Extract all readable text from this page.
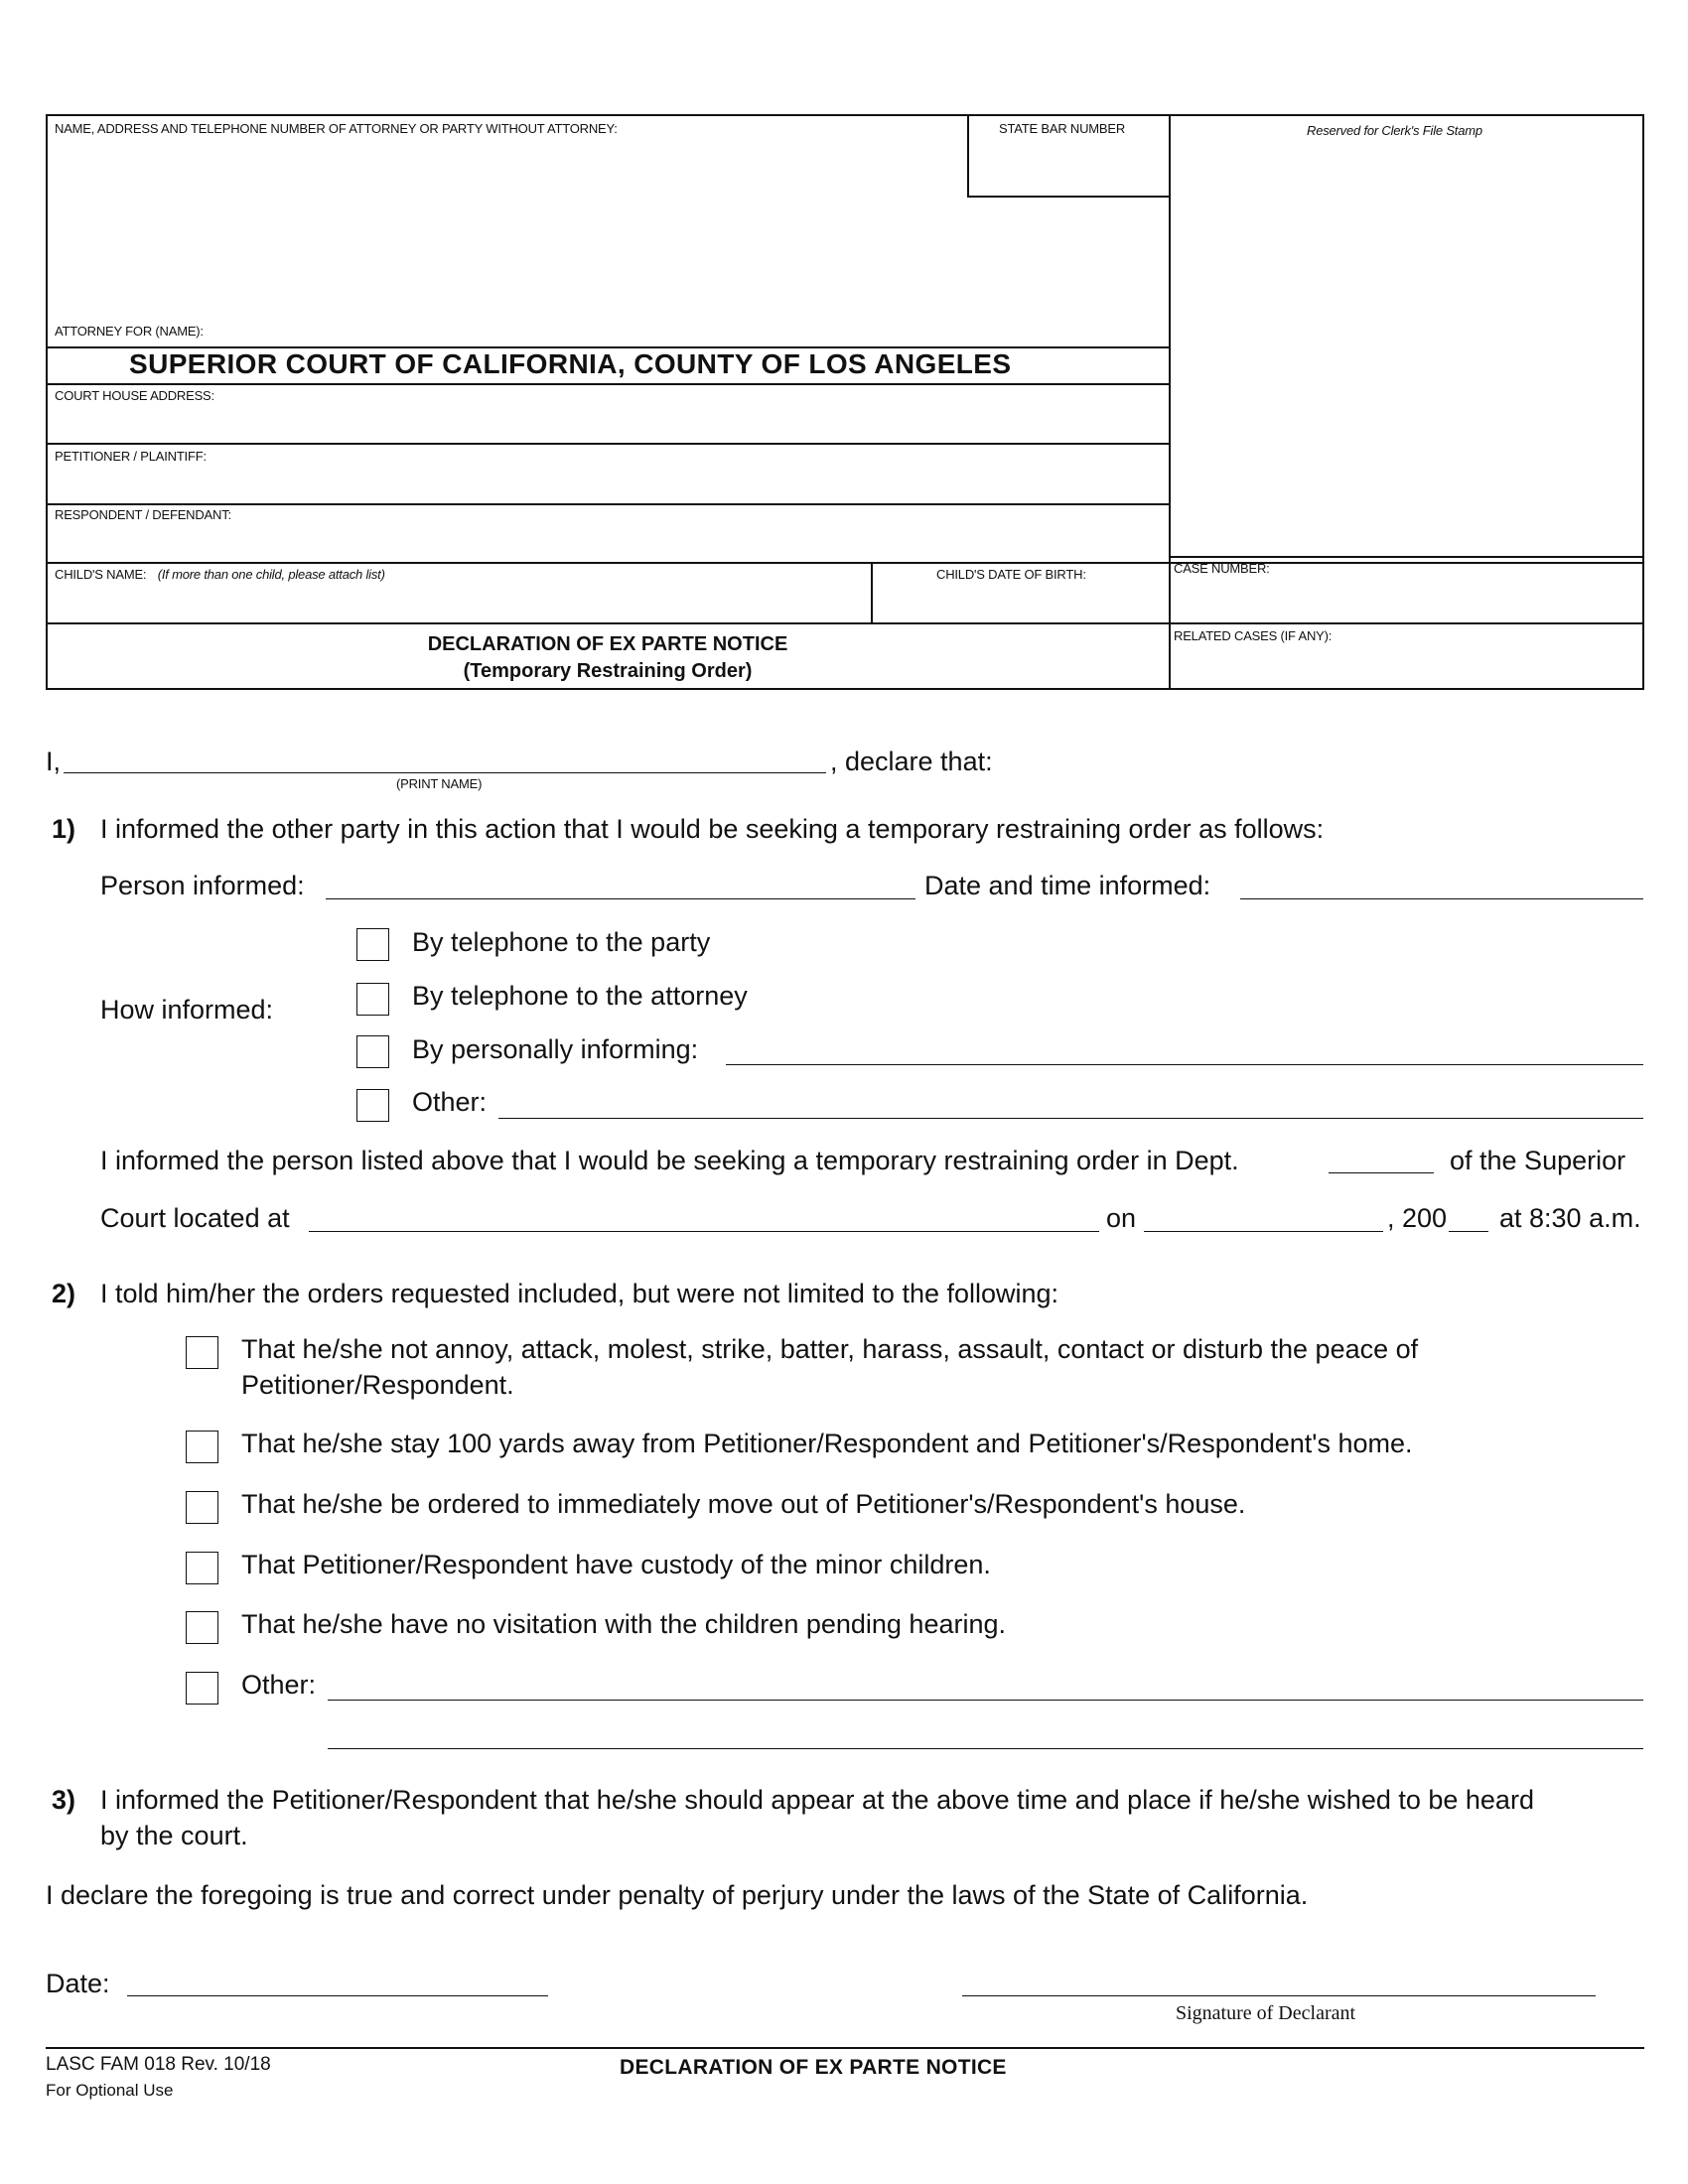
NAME, ADDRESS AND TELEPHONE NUMBER OF ATTORNEY OR PARTY WITHOUT ATTORNEY:	STATE BAR NUMBER	Reserved for Clerk's File Stamp
ATTORNEY FOR (NAME):
SUPERIOR COURT OF CALIFORNIA, COUNTY OF LOS ANGELES
COURT HOUSE ADDRESS:
PETITIONER / PLAINTIFF:
RESPONDENT / DEFENDANT:
CHILD'S NAME: (If more than one child, please attach list)	CHILD'S DATE OF BIRTH:	CASE NUMBER:
RELATED CASES (IF ANY):
DECLARATION OF EX PARTE NOTICE
(Temporary Restraining Order)
I,
(PRINT NAME)
, declare that:
1) I informed the other party in this action that I would be seeking a temporary restraining order as follows:
Person informed:	Date and time informed:
How informed:
By telephone to the party
By telephone to the attorney
By personally informing:
Other:
I informed the person listed above that I would be seeking a temporary restraining order in Dept.	of the Superior
Court located at	on	, 200 at 8:30 a.m.
2) I told him/her the orders requested included, but were not limited to the following:
That he/she not annoy, attack, molest, strike, batter, harass, assault, contact or disturb the peace of
Petitioner/Respondent.
That he/she stay 100 yards away from Petitioner/Respondent and Petitioner's/Respondent's home.
That he/she be ordered to immediately move out of Petitioner's/Respondent's house.
That Petitioner/Respondent have custody of the minor children.
That he/she have no visitation with the children pending hearing.
Other:
3) I informed the Petitioner/Respondent that he/she should appear at the above time and place if he/she wished to be heard
by the court.
I declare the foregoing is true and correct under penalty of perjury under the laws of the State of California.
Date:
Signature of Declarant
LASC FAM 018 Rev. 10/18
For Optional Use
DECLARATION OF EX PARTE NOTICE
